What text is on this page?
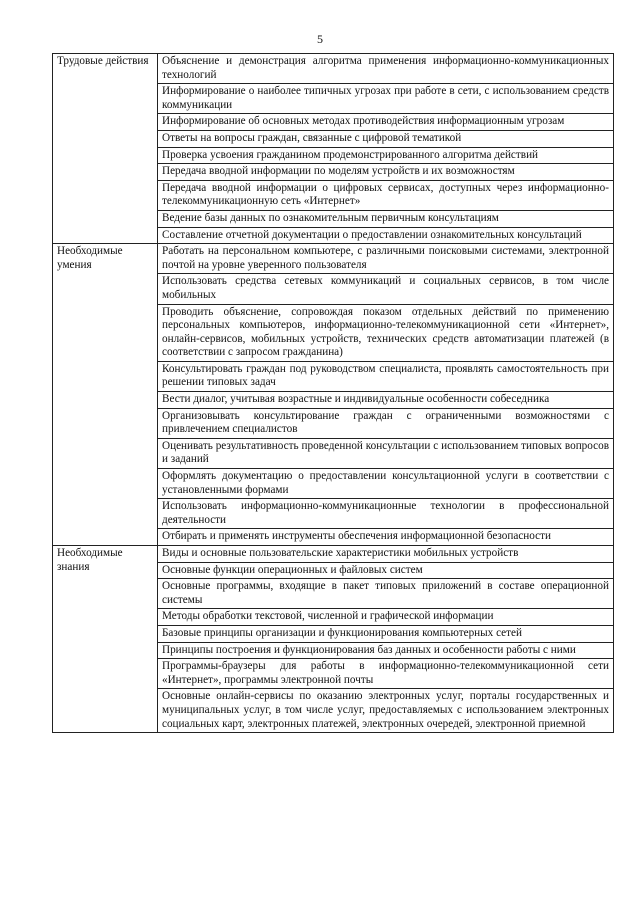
5
Трудовые действия	Объяснение и демонстрация алгоритма применения информационно-коммуникационных технологий
	Информирование о наиболее типичных угрозах при работе в сети, с использованием средств коммуникации
	Информирование об основных методах противодействия информационным угрозам
	Ответы на вопросы граждан, связанные с цифровой тематикой
	Проверка усвоения гражданином продемонстрированного алгоритма действий
	Передача вводной информации по моделям устройств и их возможностям
	Передача вводной информации о цифровых сервисах, доступных через информационно-телекоммуникационную сеть «Интернет»
	Ведение базы данных по ознакомительным первичным консультациям
	Составление отчетной документации о предоставлении ознакомительных консультаций
Необходимые умения	Работать на персональном компьютере, с различными поисковыми системами, электронной почтой на уровне уверенного пользователя
	Использовать средства сетевых коммуникаций и социальных сервисов, в том числе мобильных
	Проводить объяснение, сопровождая показом отдельных действий по применению персональных компьютеров, информационно-телекоммуникационной сети «Интернет», онлайн-сервисов, мобильных устройств, технических средств автоматизации платежей (в соответствии с запросом гражданина)
	Консультировать граждан под руководством специалиста, проявлять самостоятельность при решении типовых задач
	Вести диалог, учитывая возрастные и индивидуальные особенности собеседника
	Организовывать консультирование граждан с ограниченными возможностями с привлечением специалистов
	Оценивать результативность проведенной консультации с использованием типовых вопросов и заданий
	Оформлять документацию о предоставлении консультационной услуги в соответствии с установленными формами
	Использовать информационно-коммуникационные технологии в профессиональной деятельности
	Отбирать и применять инструменты обеспечения информационной безопасности
Необходимые знания	Виды и основные пользовательские характеристики мобильных устройств
	Основные функции операционных и файловых систем
	Основные программы, входящие в пакет типовых приложений в составе операционной системы
	Методы обработки текстовой, численной и графической информации
	Базовые принципы организации и функционирования компьютерных сетей
	Принципы построения и функционирования баз данных и особенности работы с ними
	Программы-браузеры для работы в информационно-телекоммуникационной сети «Интернет», программы электронной почты
	Основные онлайн-сервисы по оказанию электронных услуг, порталы государственных и муниципальных услуг, в том числе услуг, предоставляемых с использованием электронных социальных карт, электронных платежей, электронных очередей, электронной приемной
